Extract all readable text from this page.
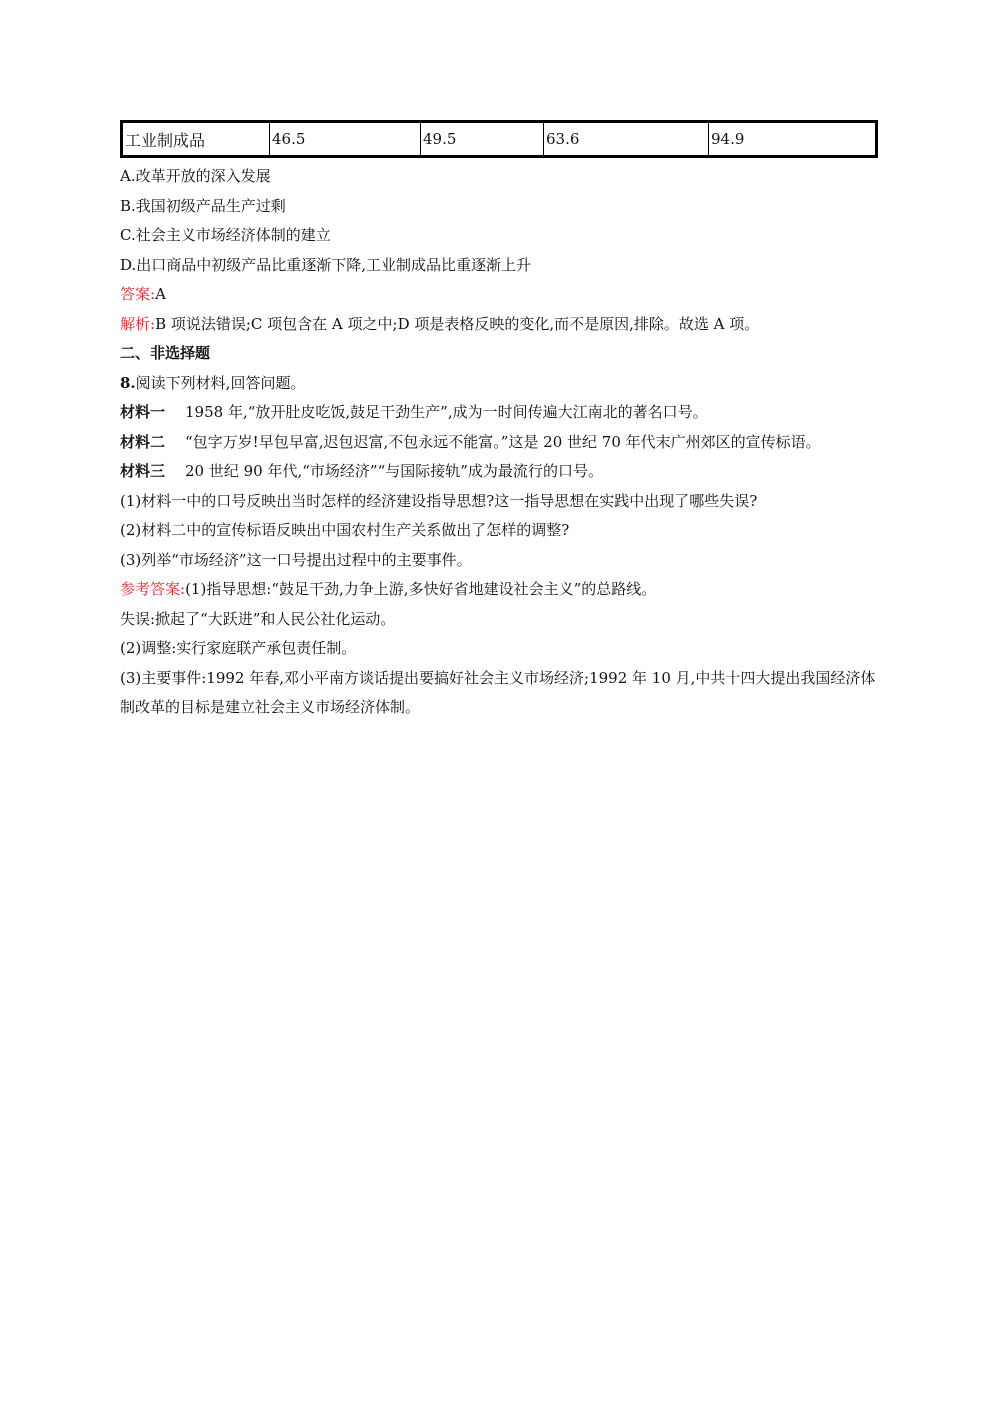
工业制成品	46.5	49.5	63.6	94.9
A.改革开放的深入发展
B.我国初级产品生产过剩
C.社会主义市场经济体制的建立
D.出口商品中初级产品比重逐渐下降,工业制成品比重逐渐上升
答案:A
解析:B 项说法错误;C 项包含在 A 项之中;D 项是表格反映的变化,而不是原因,排除。故选 A 项。
二、非选择题
8.阅读下列材料,回答问题。
材料一 1958 年,“放开肚皮吃饭,鼓足干劲生产”,成为一时间传遍大江南北的著名口号。
材料二 “包字万岁!早包早富,迟包迟富,不包永远不能富。”这是 20 世纪 70 年代末广州郊区的宣传标语。
材料三 20 世纪 90 年代,“市场经济”“与国际接轨”成为最流行的口号。
(1)材料一中的口号反映出当时怎样的经济建设指导思想?这一指导思想在实践中出现了哪些失误?
(2)材料二中的宣传标语反映出中国农村生产关系做出了怎样的调整?
(3)列举“市场经济”这一口号提出过程中的主要事件。
参考答案:(1)指导思想:“鼓足干劲,力争上游,多快好省地建设社会主义”的总路线。
失误:掀起了“大跃进”和人民公社化运动。
(2)调整:实行家庭联产承包责任制。
(3)主要事件:1992 年春,邓小平南方谈话提出要搞好社会主义市场经济;1992 年 10 月,中共十四大提出我国经济体制改革的目标是建立社会主义市场经济体制。
